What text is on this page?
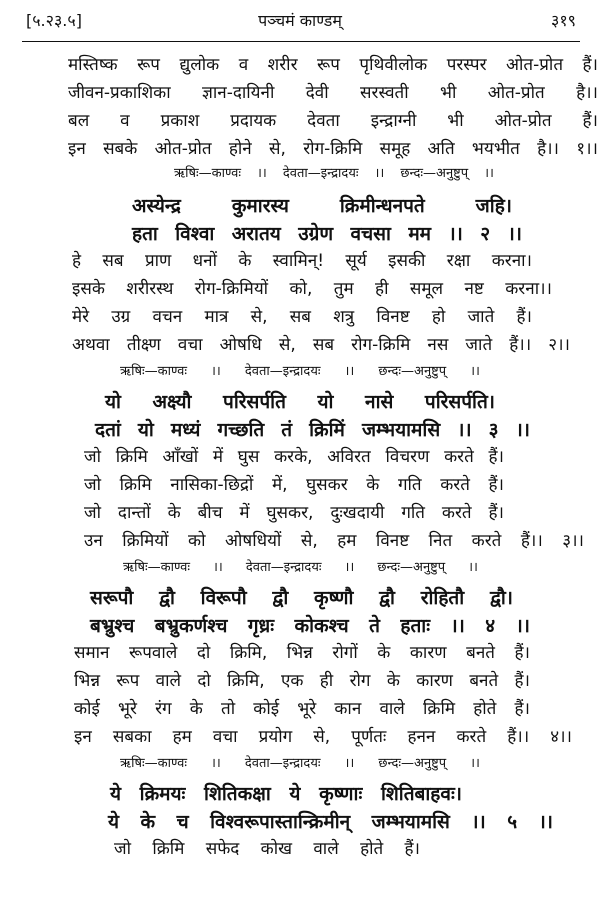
[५.२३.५]	पञ्चमं काण्डम्	३१९
मस्तिष्क रूप द्युलोक व शरीर रूप पृथिवीलोक परस्पर ओत-प्रोत हैं।
जीवन-प्रकाशिका ज्ञान-दायिनी देवी सरस्वती भी ओत-प्रोत है।।
बल व प्रकाश प्रदायक देवता इन्द्राग्नी भी ओत-प्रोत हैं।
इन सबके ओत-प्रोत होने से, रोग-क्रिमि समूह अति भयभीत है।। १।।
ऋषिः—काण्वः ।। देवता—इन्द्रादयः ।। छन्दः—अनुष्टुप् ।।
अस्येन्द्र कुमारस्य क्रिमीन्धनपते जहि।
हता विश्वा अरातय उग्रेण वचसा मम ।। २ ।।
हे सब प्राण धनों के स्वामिन्! सूर्य इसकी रक्षा करना।
इसके शरीरस्थ रोग-क्रिमियों को, तुम ही समूल नष्ट करना।।
मेरे उग्र वचन मात्र से, सब शत्रु विनष्ट हो जाते हैं।
अथवा तीक्ष्ण वचा ओषधि से, सब रोग-क्रिमि नस जाते हैं।। २।।
ऋषिः—काण्वः ।। देवता—इन्द्रादयः ।। छन्दः—अनुष्टुप् ।।
यो अक्ष्यौ परिसर्पति यो नासे परिसर्पति।
दतां यो मध्यं गच्छति तं क्रिमिं जम्भयामसि ।। ३ ।।
जो क्रिमि आँखों में घुस करके, अविरत विचरण करते हैं।
जो क्रिमि नासिका-छिद्रों में, घुसकर के गति करते हैं।
जो दान्तों के बीच में घुसकर, दुःखदायी गति करते हैं।
उन क्रिमियों को ओषधियों से, हम विनष्ट नित करते हैं।। ३।।
ऋषिः—काण्वः ।। देवता—इन्द्रादयः ।। छन्दः—अनुष्टुप् ।।
सरूपौ द्वौ विरूपौ द्वौ कृष्णौ द्वौ रोहितौ द्वौ।
बभ्रुश्च बभ्रुकर्णश्च गृध्रः कोकश्च ते हताः ।। ४ ।।
समान रूपवाले दो क्रिमि, भिन्न रोगों के कारण बनते हैं।
भिन्न रूप वाले दो क्रिमि, एक ही रोग के कारण बनते हैं।
कोई भूरे रंग के तो कोई भूरे कान वाले क्रिमि होते हैं।
इन सबका हम वचा प्रयोग से, पूर्णतः हनन करते हैं।। ४।।
ऋषिः—काण्वः ।। देवता—इन्द्रादयः ।। छन्दः—अनुष्टुप् ।।
ये क्रिमयः शितिकक्षा ये कृष्णाः शितिबाहवः।
ये के च विश्वरूपास्तान्क्रिमीन् जम्भयामसि ।। ५ ।।
जो क्रिमि सफेद कोख वाले होते हैं।
